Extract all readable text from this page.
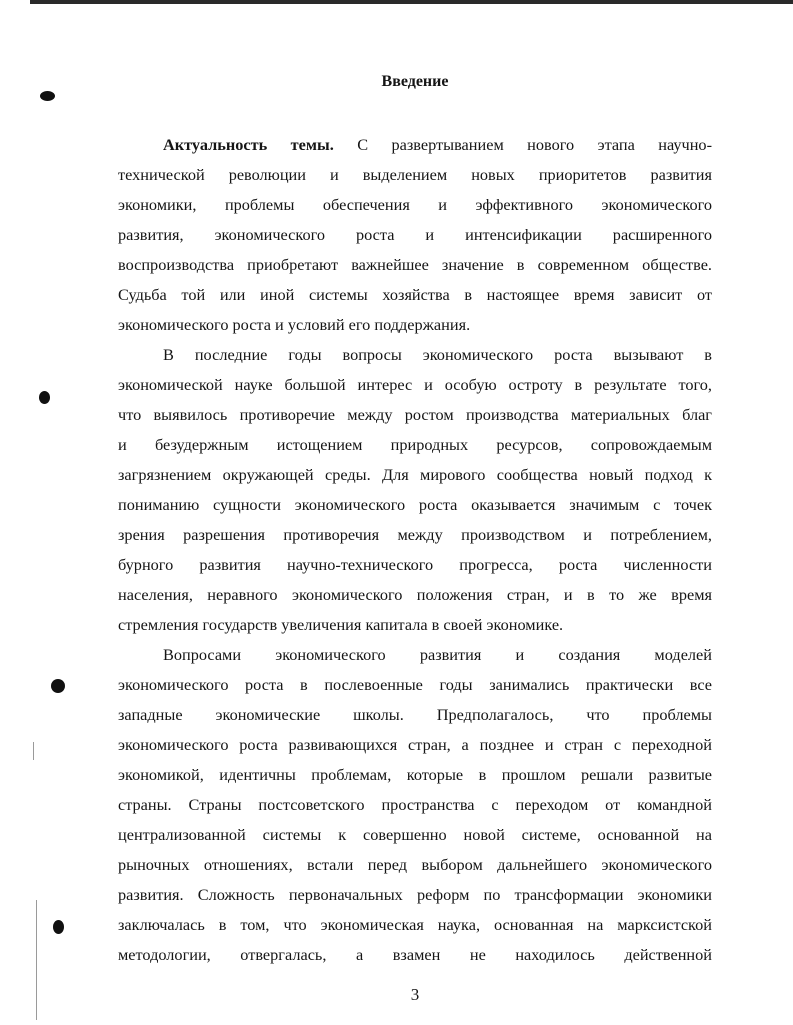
Введение
Актуальность темы. С развертыванием нового этапа научно-
технической революции и выделением новых приоритетов развития
экономики, проблемы обеспечения и эффективного экономического
развития, экономического роста и интенсификации расширенного
воспроизводства приобретают важнейшее значение в современном обществе.
Судьба той или иной системы хозяйства в настоящее время зависит от
экономического роста и условий его поддержания.
В последние годы вопросы экономического роста вызывают в
экономической науке большой интерес и особую остроту в результате того,
что выявилось противоречие между ростом производства материальных благ
и безудержным истощением природных ресурсов, сопровождаемым
загрязнением окружающей среды. Для мирового сообщества новый подход к
пониманию сущности экономического роста оказывается значимым с точек
зрения разрешения противоречия между производством и потреблением,
бурного развития научно-технического прогресса, роста численности
населения, неравного экономического положения стран, и в то же время
стремления государств увеличения капитала в своей экономике.
Вопросами экономического развития и создания моделей
экономического роста в послевоенные годы занимались практически все
западные экономические школы. Предполагалось, что проблемы
экономического роста развивающихся стран, а позднее и стран с переходной
экономикой, идентичны проблемам, которые в прошлом решали развитые
страны. Страны постсоветского пространства с переходом от командной
централизованной системы к совершенно новой системе, основанной на
рыночных отношениях, встали перед выбором дальнейшего экономического
развития. Сложность первоначальных реформ по трансформации экономики
заключалась в том, что экономическая наука, основанная на марксистской
методологии, отвергалась, а взамен не находилось действенной
3
